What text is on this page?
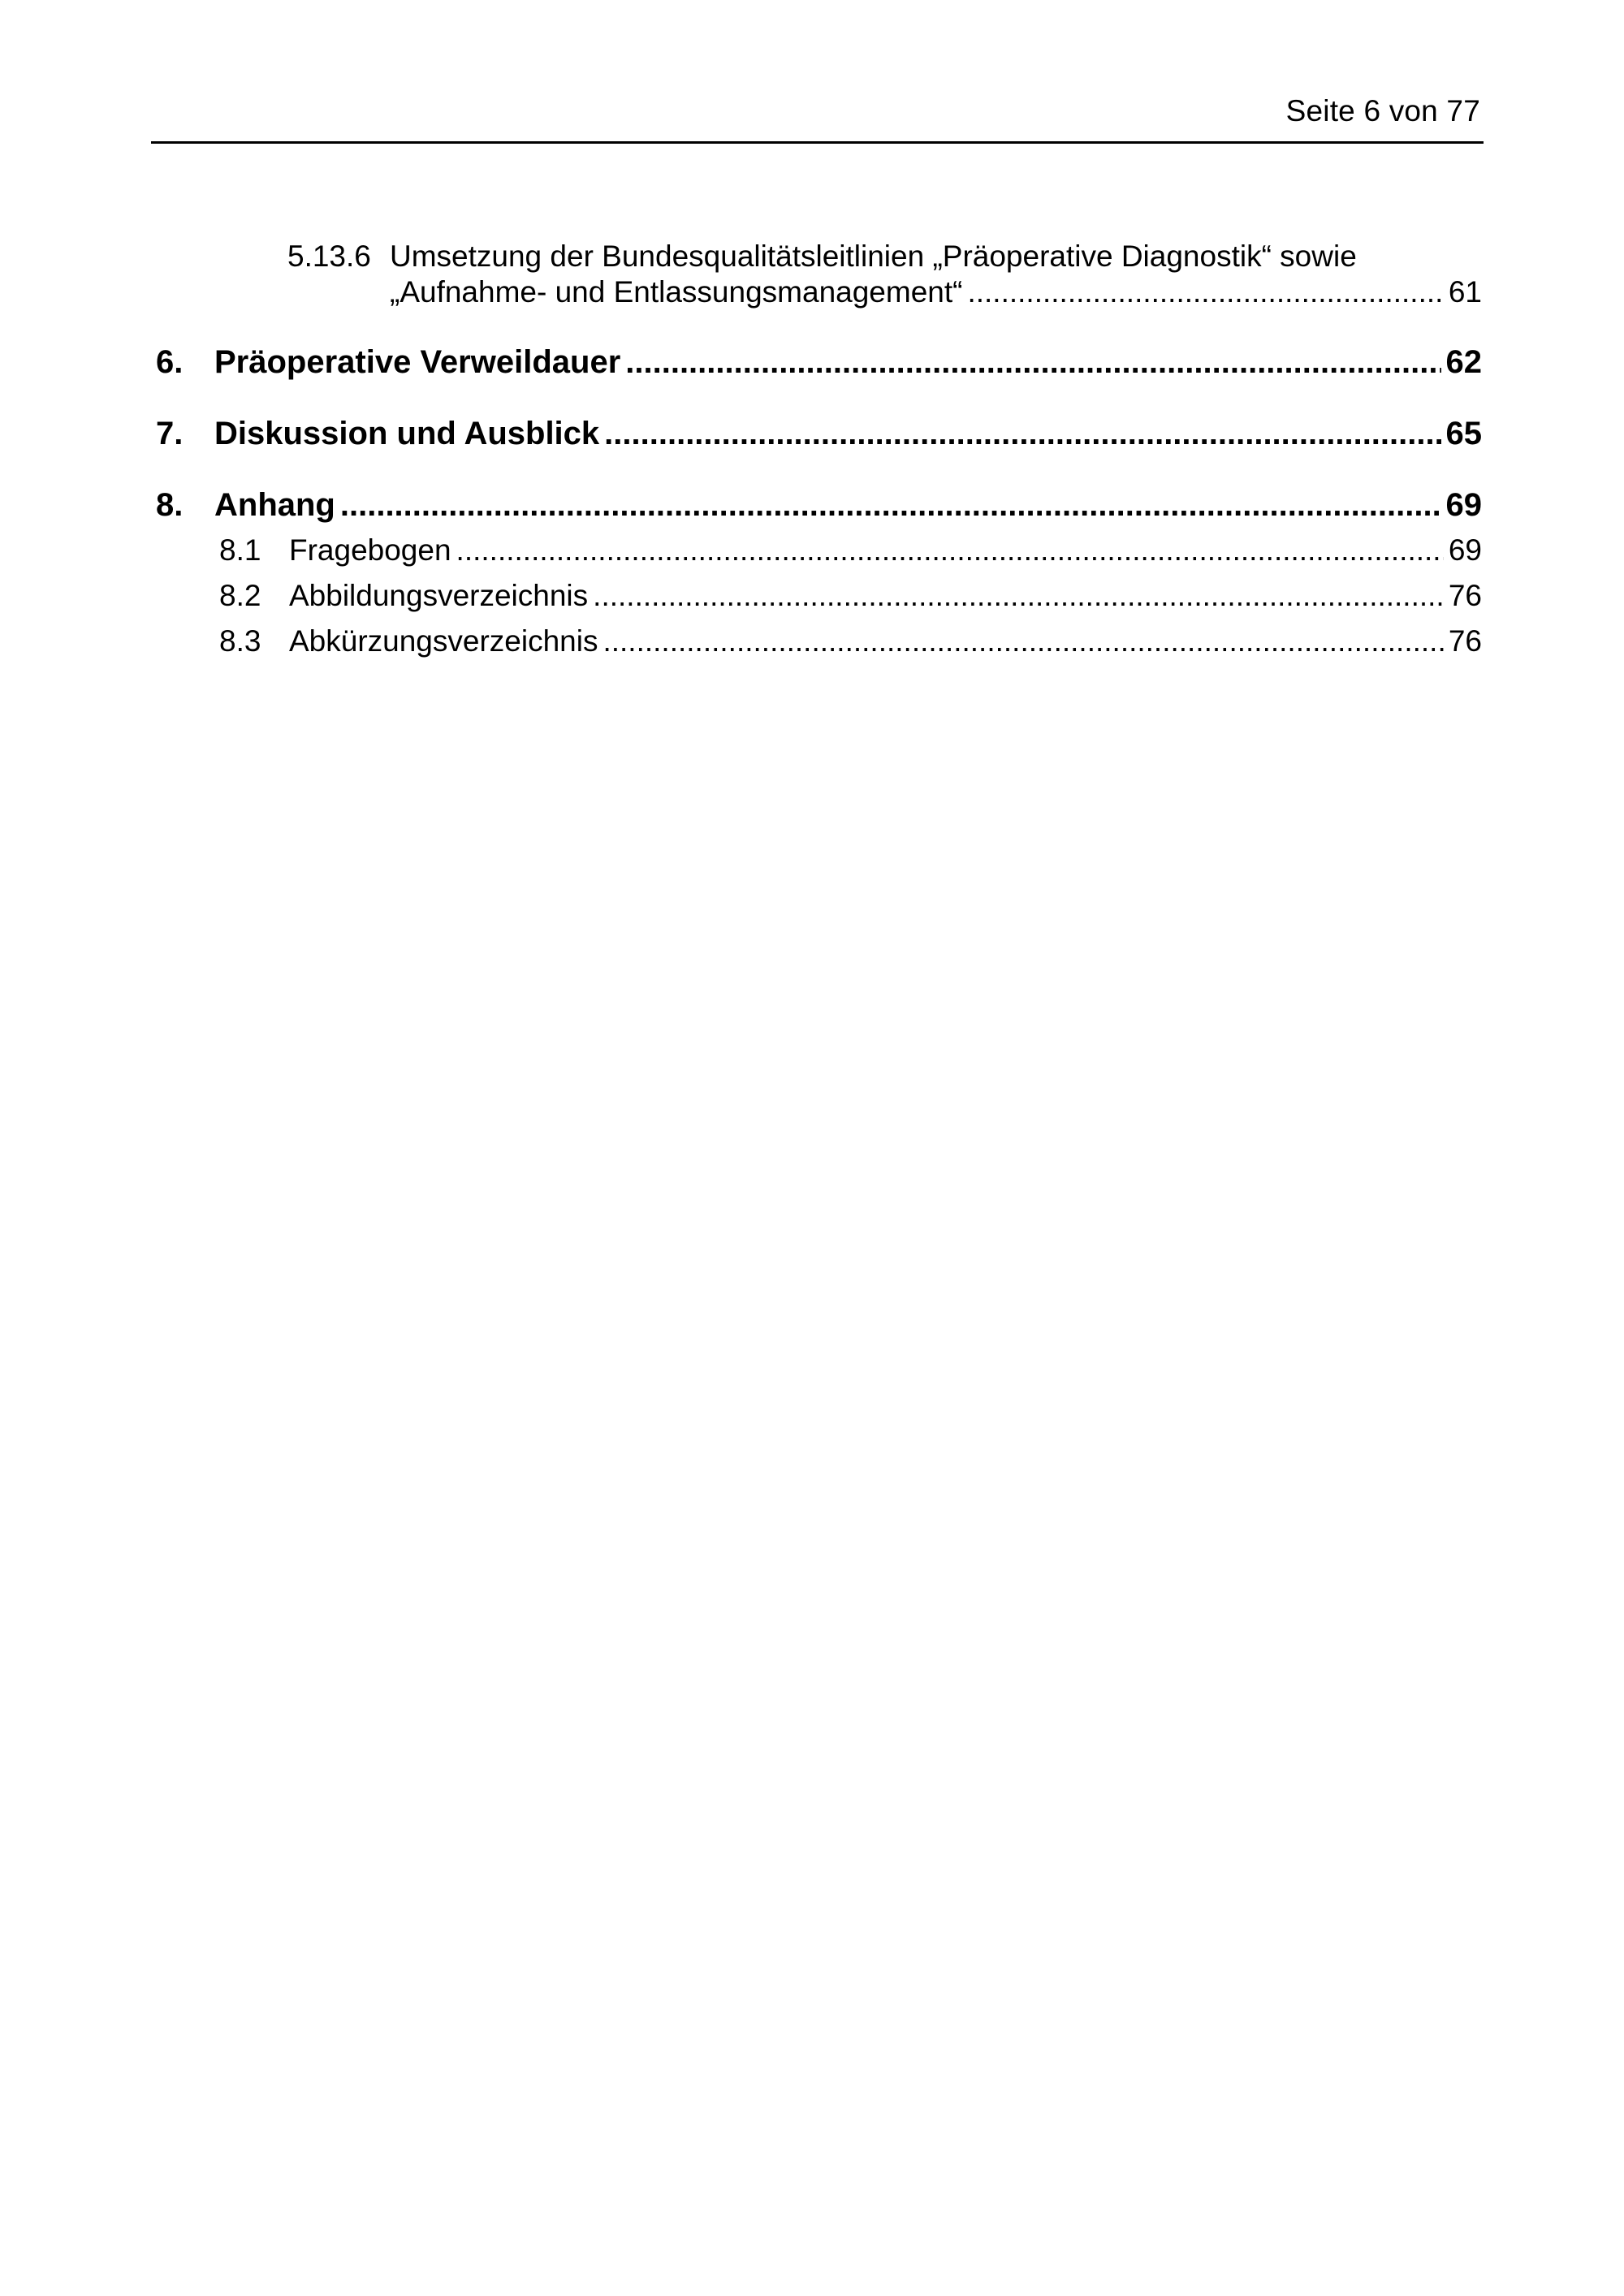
Seite 6 von 77
5.13.6 Umsetzung der Bundesqualitätsleitlinien „Präoperative Diagnostik“ sowie
„Aufnahme- und Entlassungsmanagement“ .....	61
6. Präoperative Verweildauer .....	62
7. Diskussion und Ausblick .....	65
8. Anhang .....	69
8.1 Fragebogen .....	69
8.2 Abbildungsverzeichnis .....	76
8.3 Abkürzungsverzeichnis .....	76
